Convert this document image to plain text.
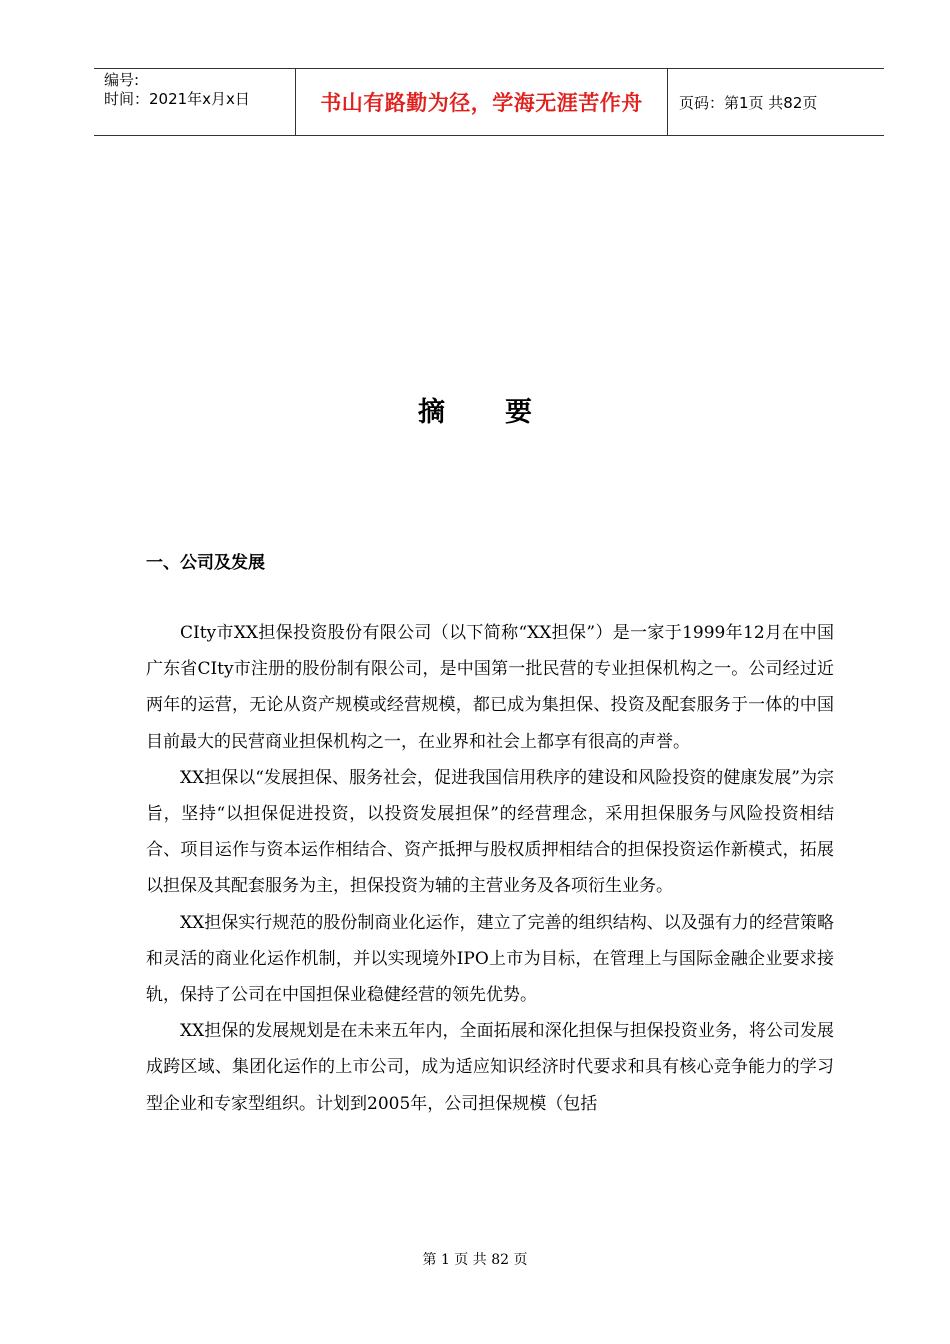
编号:
时间：2021年x月x日	书山有路勤为径，学海无涯苦作舟 页码：第1页 共82页
摘 要
一、公司及发展

CIty市XX担保投资股份有限公司（以下简称“XX担保”）是一家于1999年12月在中国广东省CIty市注册的股份制有限公司，是中国第一批民营的专业担保机构之一。公司经过近两年的运营，无论从资产规模或经营规模，都已成为集担保、投资及配套服务于一体的中国目前最大的民营商业担保机构之一，在业界和社会上都享有很高的声誉。

XX担保以“发展担保、服务社会，促进我国信用秩序的建设和风险投资的健康发展”为宗旨，坚持“以担保促进投资，以投资发展担保”的经营理念，采用担保服务与风险投资相结合、项目运作与资本运作相结合、资产抵押与股权质押相结合的担保投资运作新模式，拓展以担保及其配套服务为主，担保投资为辅的主营业务及各项衍生业务。

XX担保实行规范的股份制商业化运作，建立了完善的组织结构、以及强有力的经营策略和灵活的商业化运作机制，并以实现境外IPO上市为目标，在管理上与国际金融企业要求接轨，保持了公司在中国担保业稳健经营的领先优势。

XX担保的发展规划是在未来五年内，全面拓展和深化担保与担保投资业务，将公司发展成跨区域、集团化运作的上市公司，成为适应知识经济时代要求和具有核心竞争能力的学习型企业和专家型组织。计划到2005年，公司担保规模（包括

第 1 页 共 82 页
